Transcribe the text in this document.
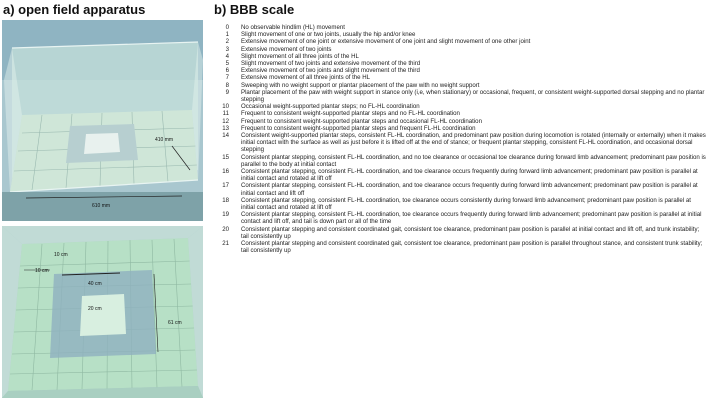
a) open field apparatus	b) BBB scale
410 mm
610 mm
10 cm
10 cm
40 cm
20 cm
61 cm
0	No observable hindlim (HL) movement
1	Slight movement of one or two joints, usually the hip and/or knee
2	Extensive movement of one joint or extensive movement of one joint and slight movement of one other joint
3	Extensive movement of two joints
4	Slight movement of all three joints of the HL
5	Slight movement of two joints and extensive movement of the third
6	Extensive movement of two joints and slight movement of the third
7	Extensive movement of all three joints of the HL
8	Sweeping with no weight support or plantar placement of the paw with no weight support
9	Plantar placement of the paw with weight support in stance only (i,e, when stationary) or occasional, frequent, or consistent weight-supported dorsal stepping and no plantar stepping
10	Occasional weight-supported plantar steps; no FL-HL coordination
11	Frequent to consistent weight-supported plantar steps and no FL-HL coordination
12	Frequent to consistent weight-supported plantar steps and occasional FL-HL coordination
13	Frequent to consistent weight-supported plantar steps and frequent FL-HL coordination
14	Consistent weight-supported plantar steps, consistent FL-HL coordination, and predominant paw position during locomotion is rotated (internally or externally) when it makes initial contact with the surface as well as just before it is lifted off at the end of stance; or frequent plantar stepping, consistent FL-HL coordination, and occasional dorsal stepping
15	Consistent plantar stepping, consistent FL-HL coordination, and no toe clearance or occasional toe clearance during forward limb advancement; predominant paw position is parallel to the body at initial contact
16	Consistent plantar stepping, consistent FL-HL coordination, and toe clearance occurs frequently during forward limb advancement; predominant paw position is parallel at initial contact and rotated at lift off
17	Consistent plantar stepping, consistent FL-HL coordination, and toe clearance occurs frequently during forward limb advancement; predominant paw position is parallel at initial contact and lift off
18	Consistent plantar stepping, consistent FL-HL coordination, toe clearance occurs consistently during forward limb advancement; predominant paw position is parallel at initial contact and rotated at lift off
19	Consistent plantar stepping, consistent FL-HL coordination, toe clearance occurs frequently during forward limb advancement; predominant paw position is parallel at initial contact and lift off, and tail is down part or all of the time
20	Consistent plantar stepping and consistent coordinated gait, consistent toe clearance, predominant paw position is parallel at initial contact and lift off, and trunk instability; tail consistently up
21	Consistent plantar stepping and consistent coordinated gait, consistent toe clearance, predominant paw position is parallel throughout stance, and consistent trunk stability; tail consistently up
